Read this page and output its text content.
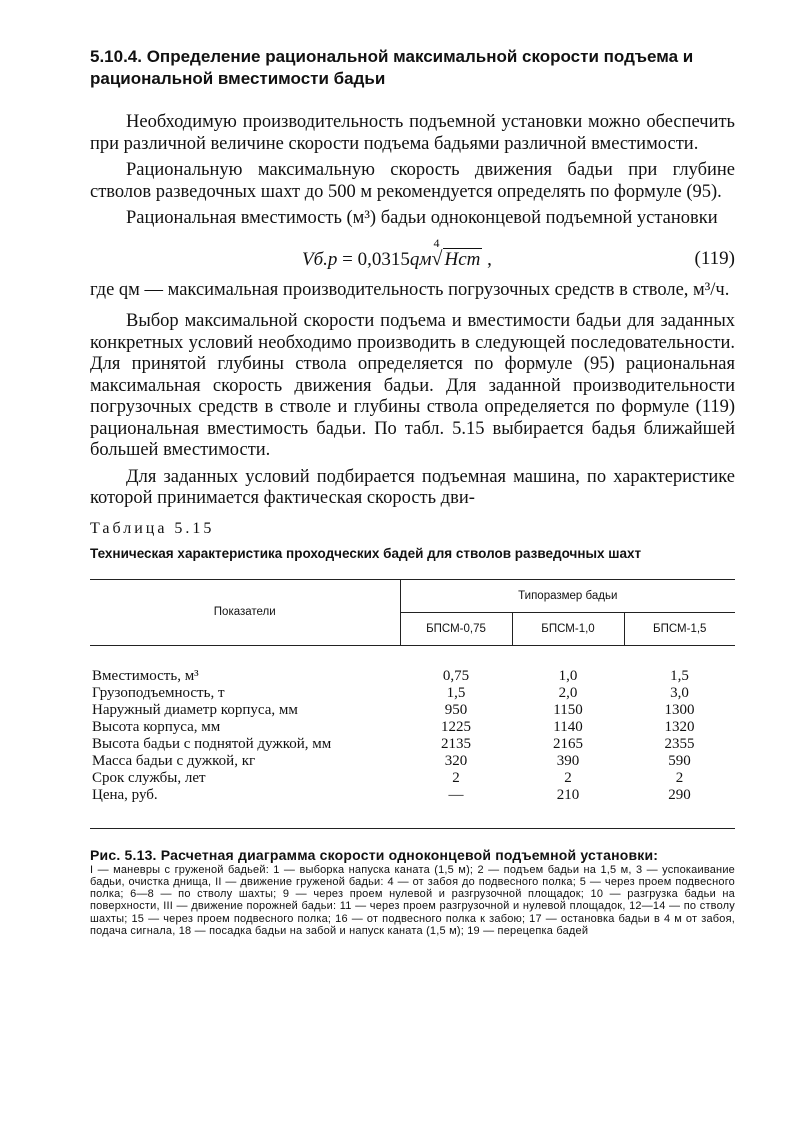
5.10.4. Определение рациональной максимальной скорости подъема и рациональной вместимости бадьи

Необходимую производительность подъемной установки можно обеспечить при различной величине скорости подъема бадьями различной вместимости.

Рациональную максимальную скорость движения бадьи при глубине стволов разведочных шахт до 500 м рекомендуется определять по формуле (95).

Рациональная вместимость (м³) бадьи одноконцевой подъемной установки

Vб.р = 0,0315qм
4
√ Hст ,	(119)

где qм — максимальная производительность погрузочных средств в стволе, м³/ч.

Выбор максимальной скорости подъема и вместимости бадьи для заданных конкретных условий необходимо производить в следующей последовательности. Для принятой глубины ствола определяется по формуле (95) рациональная максимальная скорость движения бадьи. Для заданной производительности погрузочных средств в стволе и глубины ствола определяется по формуле (119) рациональная вместимость бадьи. По табл. 5.15 выбирается бадья ближайшей большей вместимости.

Для заданных условий подбирается подъемная машина, по характеристике которой принимается фактическая скорость дви-

Таблица 5.15
Техническая характеристика проходческих бадей для стволов разведочных шахт
Показатели	Типоразмер бадьи		
	БПСМ-0,75	БПСМ-1,0	БПСМ-1,5
Вместимость, м³	0,75	1,0	1,5
Грузоподъемность, т	1,5	2,0	3,0
Наружный диаметр корпуса, мм	950	1150	1300
Высота корпуса, мм	1225	1140	1320
Высота бадьи с поднятой дужкой, мм	2135	2165	2355
Масса бадьи с дужкой, кг	320	390	590
Срок службы, лет	2	2	2
Цена, руб.	—	210	290
Рис. 5.13. Расчетная диаграмма скорости одноконцевой подъемной установки:
I — маневры с груженой бадьей: 1 — выборка напуска каната (1,5 м); 2 — подъем бадьи на 1,5 м, 3 — успокаивание бадьи, очистка днища, II — движение груженой бадьи: 4 — от забоя до подвесного полка; 5 — через проем подвесного полка; 6—8 — по стволу шахты; 9 — через проем нулевой и разгрузочной площадок; 10 — разгрузка бадьи на поверхности, III — движение порожней бадьи: 11 — через проем разгрузочной и нулевой площадок, 12—14 — по стволу шахты; 15 — через проем подвесного полка; 16 — от подвесного полка к забою; 17 — остановка бадьи в 4 м от забоя, подача сигнала, 18 — посадка бадьи на забой и напуск каната (1,5 м); 19 — перецепка бадей
